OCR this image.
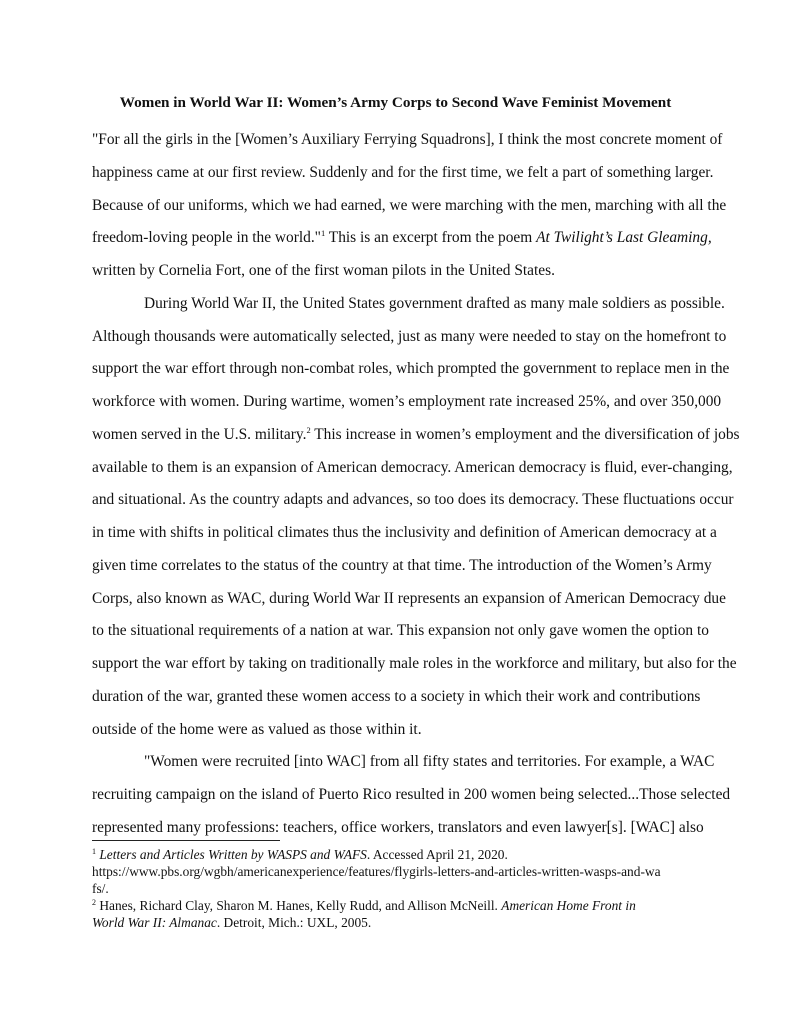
Women in World War II: Women’s Army Corps to Second Wave Feminist Movement
"For all the girls in the [Women’s Auxiliary Ferrying Squadrons], I think the most concrete moment of
happiness came at our first review. Suddenly and for the first time, we felt a part of something larger.
Because of our uniforms, which we had earned, we were marching with the men, marching with all the
freedom-loving people in the world."$^1$ This is an excerpt from the poem At Twilight’s Last Gleaming,
written by Cornelia Fort, one of the first woman pilots in the United States.
During World War II, the United States government drafted as many male soldiers as possible.
Although thousands were automatically selected, just as many were needed to stay on the homefront to
support the war effort through non-combat roles, which prompted the government to replace men in the
workforce with women. During wartime, women’s employment rate increased 25%, and over 350,000
women served in the U.S. military.$^2$ This increase in women’s employment and the diversification of jobs
available to them is an expansion of American democracy. American democracy is fluid, ever-changing,
and situational. As the country adapts and advances, so too does its democracy. These fluctuations occur
in time with shifts in political climates thus the inclusivity and definition of American democracy at a
given time correlates to the status of the country at that time. The introduction of the Women’s Army
Corps, also known as WAC, during World War II represents an expansion of American Democracy due
to the situational requirements of a nation at war. This expansion not only gave women the option to
support the war effort by taking on traditionally male roles in the workforce and military, but also for the
duration of the war, granted these women access to a society in which their work and contributions
outside of the home were as valued as those within it.
"Women were recruited [into WAC] from all fifty states and territories. For example, a WAC
recruiting campaign on the island of Puerto Rico resulted in 200 women being selected...Those selected
represented many professions: teachers, office workers, translators and even lawyer[s]. [WAC] also
$^1$ Letters and Articles Written by WASPS and WAFS. Accessed April 21, 2020.
https://www.pbs.org/wgbh/americanexperience/features/flygirls-letters-and-articles-written-wasps-and-wa
fs/.
$^2$ Hanes, Richard Clay, Sharon M. Hanes, Kelly Rudd, and Allison McNeill. American Home Front in
World War II: Almanac. Detroit, Mich.: UXL, 2005.
